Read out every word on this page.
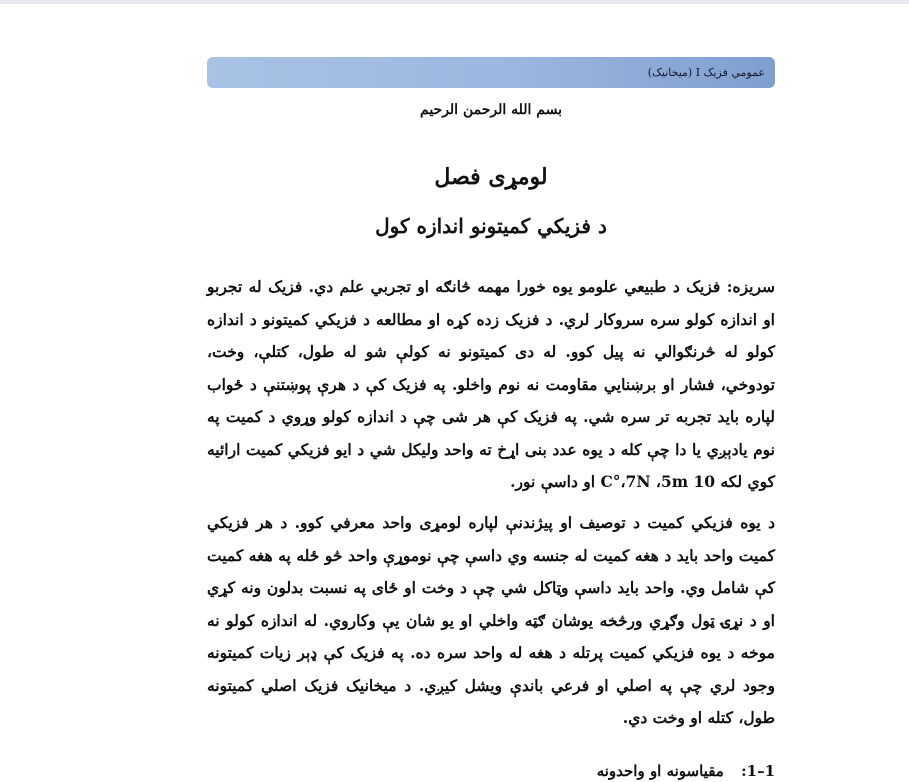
عمومي فزيک I (ميخانيک)
بسم الله الرحمن الرحيم
لومړی فصل
د فزيکي کميتونو اندازه کول
سريزه: فزيک د طبيعي علومو يوه خورا مهمه څانګه او تجربي علم دي. فزيک له تجربو او اندازه کولو سره سروکار لري. د فزيک زده کړه او مطالعه د فزيکي کميتونو د اندازه کولو له څرنګوالي نه پيل کوو. له دی کميتونو نه کولې شو له طول، کتلې، وخت، تودوخي، فشار او برښنايي مقاومت نه نوم واخلو. په فزيک کې د هرې پوښتنې د ځواب لپاره بايد تجربه تر سره شي. په فزيک کې هر شی چې د اندازه کولو وړوي د کميت په نوم يادېږي يا دا چې کله د يوه عدد بنی اړخ ته واحد وليکل شي د ايو فزيکي کميت ارائيه کوي لکه 10 C°،7N ،5m او داسې نور.
د يوه فزيکي کميت د توصيف او پيژندنې لپاره لومړی واحد معرفي کوو. د هر فزيکي کميت واحد بايد د هغه کميت له جنسه وي داسې چې نوموړې واحد څو ځله په هغه کميت کې شامل وي. واحد بايد داسې وټاکل شي چې د وخت او ځای په نسبت بدلون ونه کړي او د نړۍ ټول وګړي ورڅخه يوشان ګټه واخلي او يو شان يې وکاروي. له اندازه کولو نه موخه د يوه فزيکي کميت پرتله د هغه له واحد سره ده. په فزيک کې ډېر زيات کميتونه وجود لري چې په اصلي او فرعي باندې ويشل کيږي. د ميخانيک فزيک اصلي کميتونه طول، کتله او وخت دي.
1–1: مقياسونه او واحدونه
